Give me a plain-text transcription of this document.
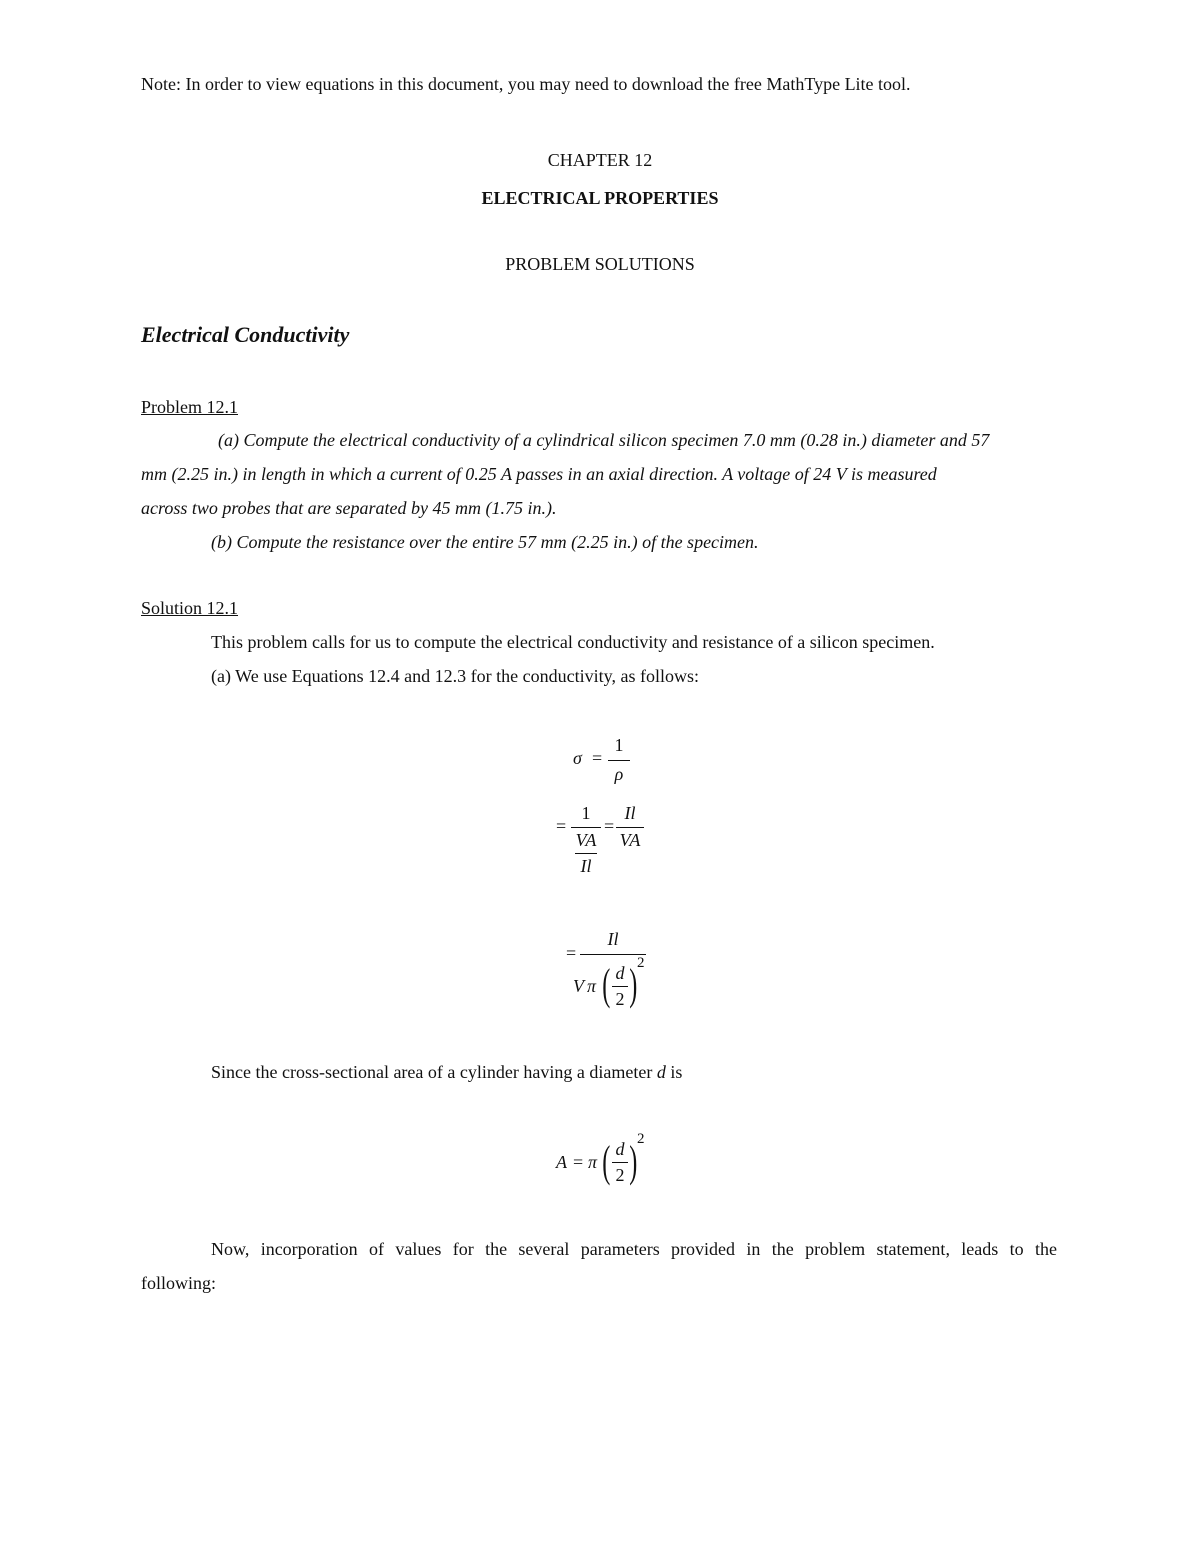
Note: In order to view equations in this document, you may need to download the free MathType Lite tool.
CHAPTER 12
ELECTRICAL PROPERTIES
PROBLEM SOLUTIONS
Electrical Conductivity
Problem 12.1
(a) Compute the electrical conductivity of a cylindrical silicon specimen 7.0 mm (0.28 in.) diameter and 57
mm (2.25 in.) in length in which a current of 0.25 A passes in an axial direction. A voltage of 24 V is measured
across two probes that are separated by 45 mm (1.75 in.).
(b) Compute the resistance over the entire 57 mm (2.25 in.) of the specimen.
Solution 12.1
This problem calls for us to compute the electrical conductivity and resistance of a silicon specimen.
(a) We use Equations 12.4 and 12.3 for the conductivity, as follows:
σ =
1
ρ
=
1
VA
Il
=
Il
VA
=
Il
V π ( d
2 ) 2
Since the cross-sectional area of a cylinder having a diameter d is
A = π ( d
2 ) 2
Now, incorporation of values for the several parameters provided in the problem statement, leads to the
following:
